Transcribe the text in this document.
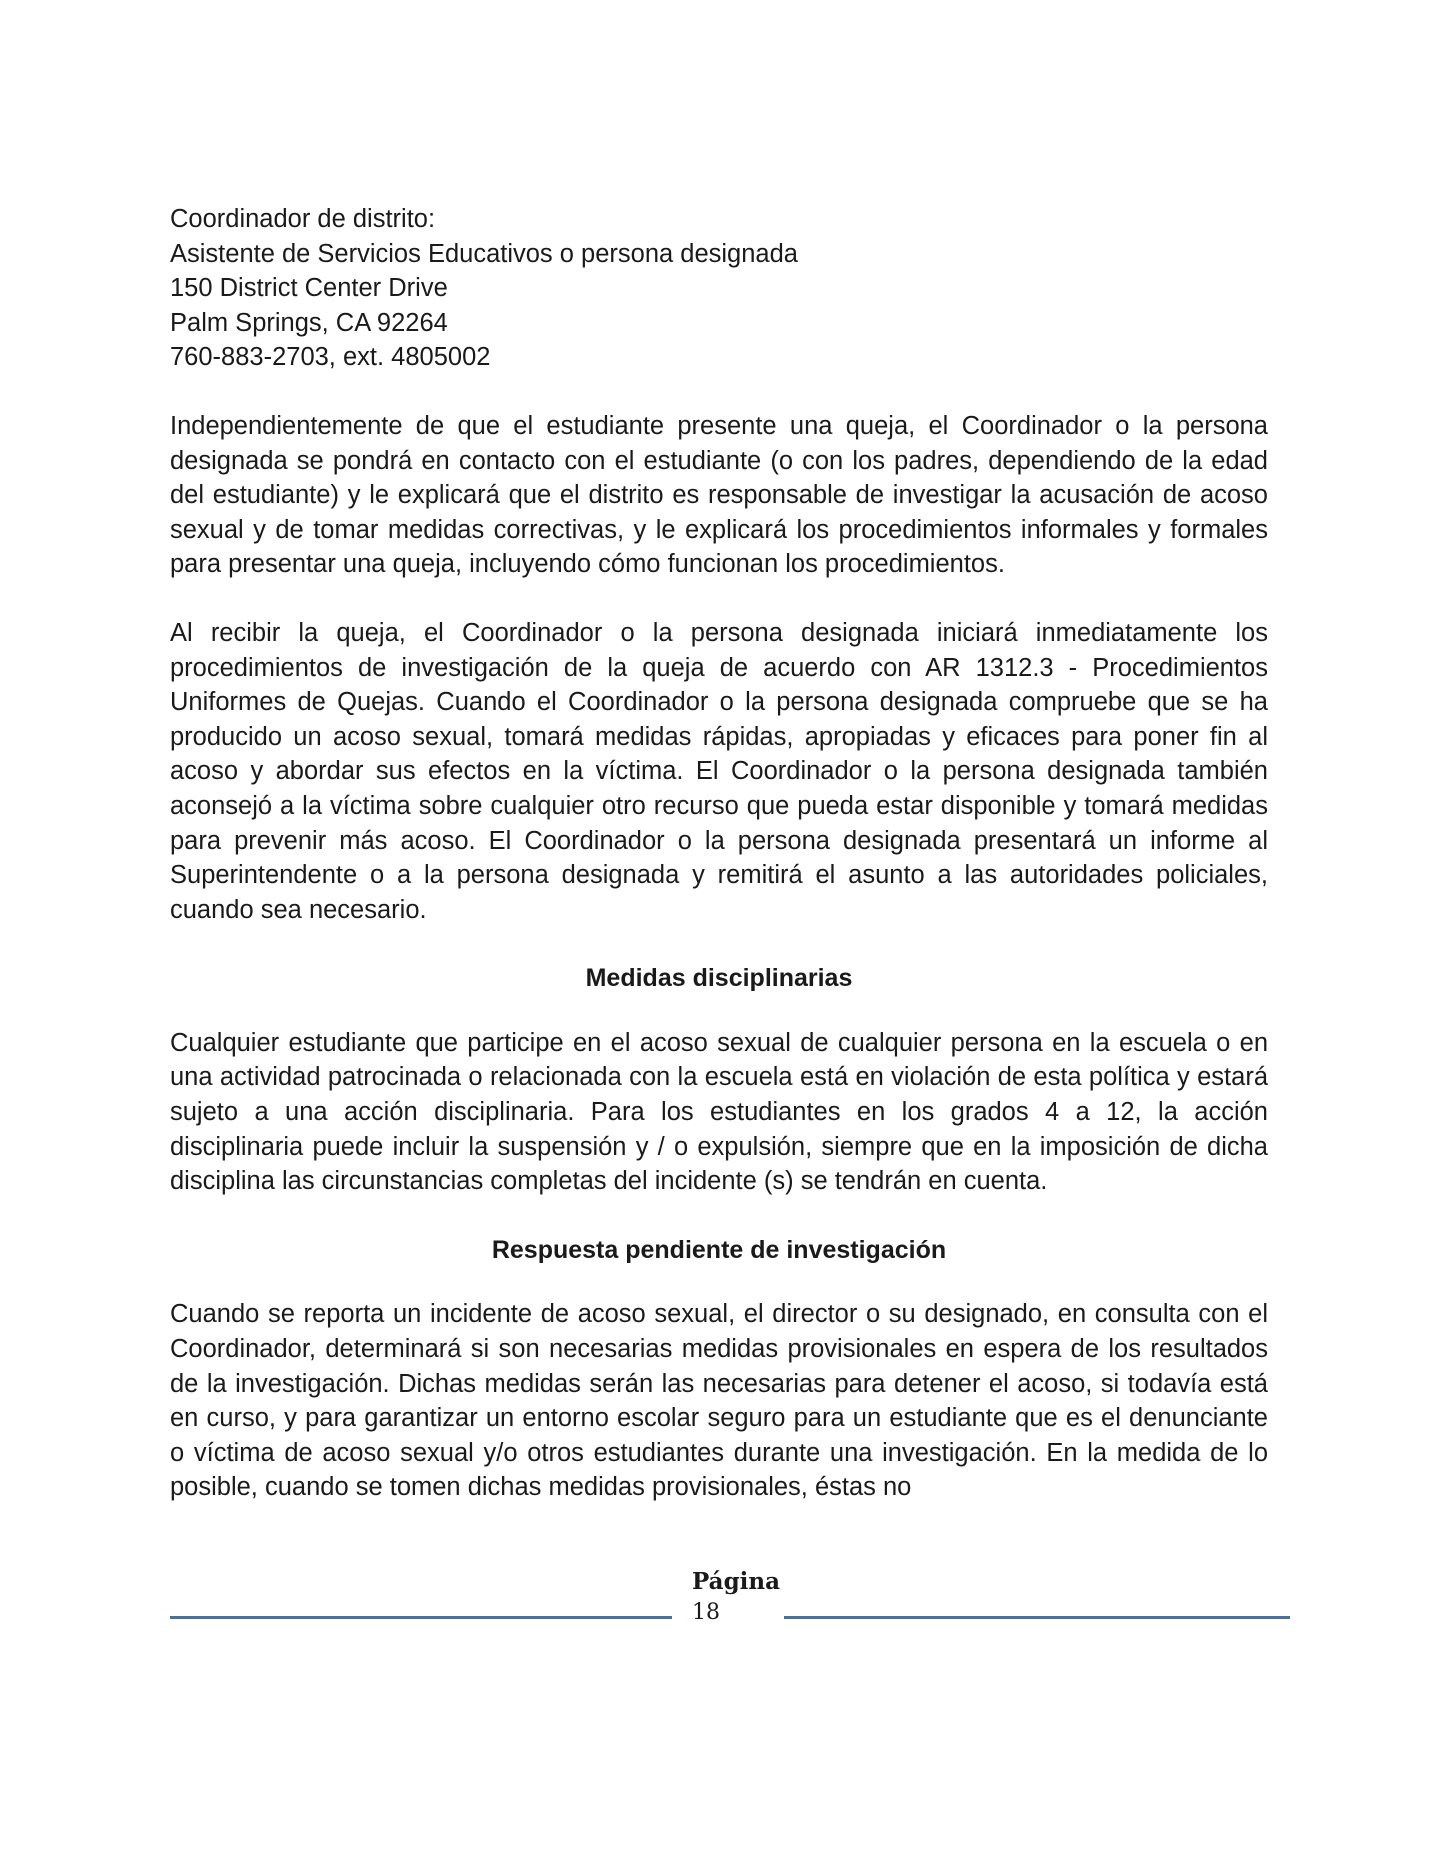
Coordinador de distrito:
Asistente de Servicios Educativos o persona designada
150 District Center Drive
Palm Springs, CA 92264
760-883-2703, ext. 4805002

Independientemente de que el estudiante presente una queja, el Coordinador o la persona designada se pondrá en contacto con el estudiante (o con los padres, dependiendo de la edad del estudiante) y le explicará que el distrito es responsable de investigar la acusación de acoso sexual y de tomar medidas correctivas, y le explicará los procedimientos informales y formales para presentar una queja, incluyendo cómo funcionan los procedimientos.

Al recibir la queja, el Coordinador o la persona designada iniciará inmediatamente los procedimientos de investigación de la queja de acuerdo con AR 1312.3 - Procedimientos Uniformes de Quejas. Cuando el Coordinador o la persona designada compruebe que se ha producido un acoso sexual, tomará medidas rápidas, apropiadas y eficaces para poner fin al acoso y abordar sus efectos en la víctima. El Coordinador o la persona designada también aconsejó a la víctima sobre cualquier otro recurso que pueda estar disponible y tomará medidas para prevenir más acoso. El Coordinador o la persona designada presentará un informe al Superintendente o a la persona designada y remitirá el asunto a las autoridades policiales, cuando sea necesario.

Medidas disciplinarias

Cualquier estudiante que participe en el acoso sexual de cualquier persona en la escuela o en una actividad patrocinada o relacionada con la escuela está en violación de esta política y estará sujeto a una acción disciplinaria. Para los estudiantes en los grados 4 a 12, la acción disciplinaria puede incluir la suspensión y / o expulsión, siempre que en la imposición de dicha disciplina las circunstancias completas del incidente (s) se tendrán en cuenta.

Respuesta pendiente de investigación

Cuando se reporta un incidente de acoso sexual, el director o su designado, en consulta con el Coordinador, determinará si son necesarias medidas provisionales en espera de los resultados de la investigación. Dichas medidas serán las necesarias para detener el acoso, si todavía está en curso, y para garantizar un entorno escolar seguro para un estudiante que es el denunciante o víctima de acoso sexual y/o otros estudiantes durante una investigación. En la medida de lo posible, cuando se tomen dichas medidas provisionales, éstas no

Página
18
